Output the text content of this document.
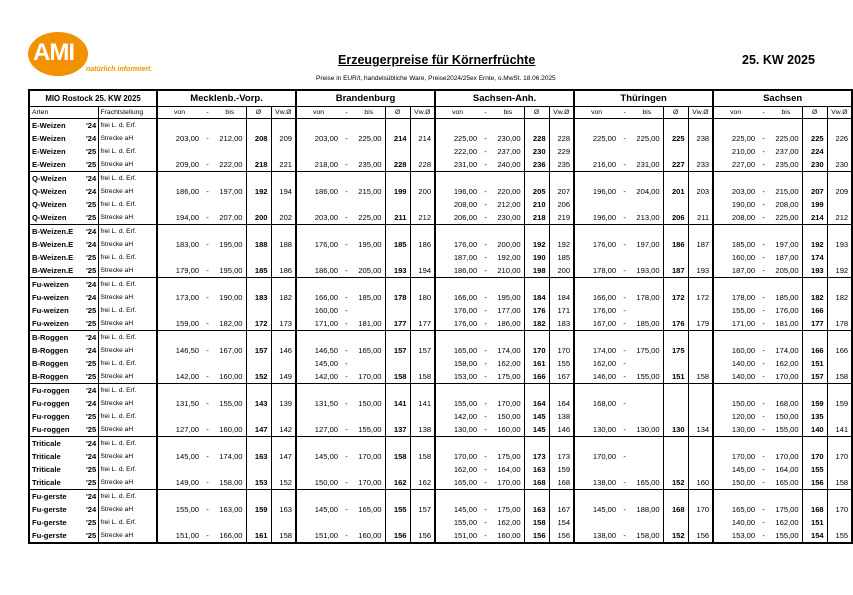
AMI
natürlich informiert.
Erzeugerpreise für Körnerfrüchte	25. KW 2025
Preise in EUR/t, handelsübliche Ware, Preise2024/25ex Ernte, o.MwSt. 18.06.2025
MIO Rostock 25. KW 2025			Mecklenb.-Vorp.					Brandenburg					Sachsen-Anh.					Thüringen					Sachsen				
Arten		Frachtstellung	von	-	bis	Ø	Vw.Ø	von	-	bis	Ø	Vw.Ø	von	-	bis	Ø	Vw.Ø	von	-	bis	Ø	Vw.Ø	von	-	bis	Ø	Vw.Ø
E-Weizen	'24	frei L. d. Erf.																									
E-Weizen	'24	Strecke aH	203,00	-	212,00	208	209	203,00	-	225,00	214	214	225,00	-	230,00	228	228	225,00	-	225,00	225	238	225,00	-	225,00	225	226
E-Weizen	'25	frei L. d. Erf.											222,00	-	237,00	230	229						210,00	-	237,00	224	
E-Weizen	'25	Strecke aH	209,00	-	222,00	218	221	218,00	-	235,00	228	228	231,00	-	240,00	236	235	216,00	-	231,00	227	233	227,00	-	235,00	230	230
Q-Weizen	'24	frei L. d. Erf.																									
Q-Weizen	'24	Strecke aH	186,00	-	197,00	192	194	186,00	-	215,00	199	200	196,00	-	220,00	205	207	196,00	-	204,00	201	203	203,00	-	215,00	207	209
Q-Weizen	'25	frei L. d. Erf.											208,00	-	212,00	210	206						190,00	-	208,00	199	
Q-Weizen	'25	Strecke aH	194,00	-	207,00	200	202	203,00	-	225,00	211	212	206,00	-	230,00	218	219	196,00	-	213,00	206	211	208,00	-	225,00	214	212
B-Weizen.E	'24	frei L. d. Erf.																									
B-Weizen.E	'24	Strecke aH	183,00	-	195,00	188	188	176,00	-	195,00	185	186	176,00	-	200,00	192	192	176,00	-	197,00	186	187	185,00	-	197,00	192	193
B-Weizen.E	'25	frei L. d. Erf.											187,00	-	192,00	190	185						160,00	-	187,00	174	
B-Weizen.E	'25	Strecke aH	179,00	-	195,00	185	186	186,00	-	205,00	193	194	186,00	-	210,00	198	200	178,00	-	193,00	187	193	187,00	-	205,00	193	192
Fu-weizen	'24	frei L. d. Erf.																									
Fu-weizen	'24	Strecke aH	173,00	-	190,00	183	182	166,00	-	185,00	178	180	166,00	-	195,00	184	184	166,00	-	178,00	172	172	178,00	-	185,00	182	182
Fu-weizen	'25	frei L. d. Erf.						160,00	-				176,00	-	177,00	176	171	176,00	-				155,00	-	176,00	166	
Fu-weizen	'25	Strecke aH	159,00	-	182,00	172	173	171,00	-	181,00	177	177	176,00	-	186,00	182	183	167,00	-	185,00	176	179	171,00	-	181,00	177	178
B-Roggen	'24	frei L. d. Erf.																									
B-Roggen	'24	Strecke aH	146,50	-	167,00	157	146	146,50	-	165,00	157	157	165,00	-	174,00	170	170	174,00	-	175,00	175		160,00	-	174,00	166	166
B-Roggen	'25	frei L. d. Erf.						145,00	-				158,00	-	162,00	161	155	162,00	-				140,00	-	162,00	151	
B-Roggen	'25	Strecke aH	142,00	-	160,00	152	149	142,00	-	170,00	158	158	153,00	-	175,00	166	167	146,00	-	155,00	151	158	140,00	-	170,00	157	158
Fu-roggen	'24	frei L. d. Erf.																									
Fu-roggen	'24	Strecke aH	131,50	-	155,00	143	139	131,50	-	150,00	141	141	155,00	-	170,00	164	164	168,00	-				150,00	-	168,00	159	159
Fu-roggen	'25	frei L. d. Erf.											142,00	-	150,00	145	138						120,00	-	150,00	135	
Fu-roggen	'25	Strecke aH	127,00	-	160,00	147	142	127,00	-	155,00	137	138	130,00	-	160,00	145	146	130,00	-	130,00	130	134	130,00	-	155,00	140	141
Triticale	'24	frei L. d. Erf.																									
Triticale	'24	Strecke aH	145,00	-	174,00	163	147	145,00	-	170,00	158	158	170,00	-	175,00	173	173	170,00	-				170,00	-	170,00	170	170
Triticale	'25	frei L. d. Erf.											162,00	-	164,00	163	159						145,00	-	164,00	155	
Triticale	'25	Strecke aH	149,00	-	158,00	153	152	150,00	-	170,00	162	162	165,00	-	170,00	168	168	138,00	-	165,00	152	160	150,00	-	165,00	156	158
Fu-gerste	'24	frei L. d. Erf.																									
Fu-gerste	'24	Strecke aH	155,00	-	163,00	159	163	145,00	-	165,00	155	157	145,00	-	175,00	163	167	145,00	-	188,00	168	170	165,00	-	175,00	168	170
Fu-gerste	'25	frei L. d. Erf.											155,00	-	162,00	158	154						140,00	-	162,00	151	
Fu-gerste	'25	Strecke aH	151,00	-	166,00	161	158	151,00	-	160,00	156	156	151,00	-	160,00	156	156	138,00	-	158,00	152	156	153,00	-	155,00	154	155
